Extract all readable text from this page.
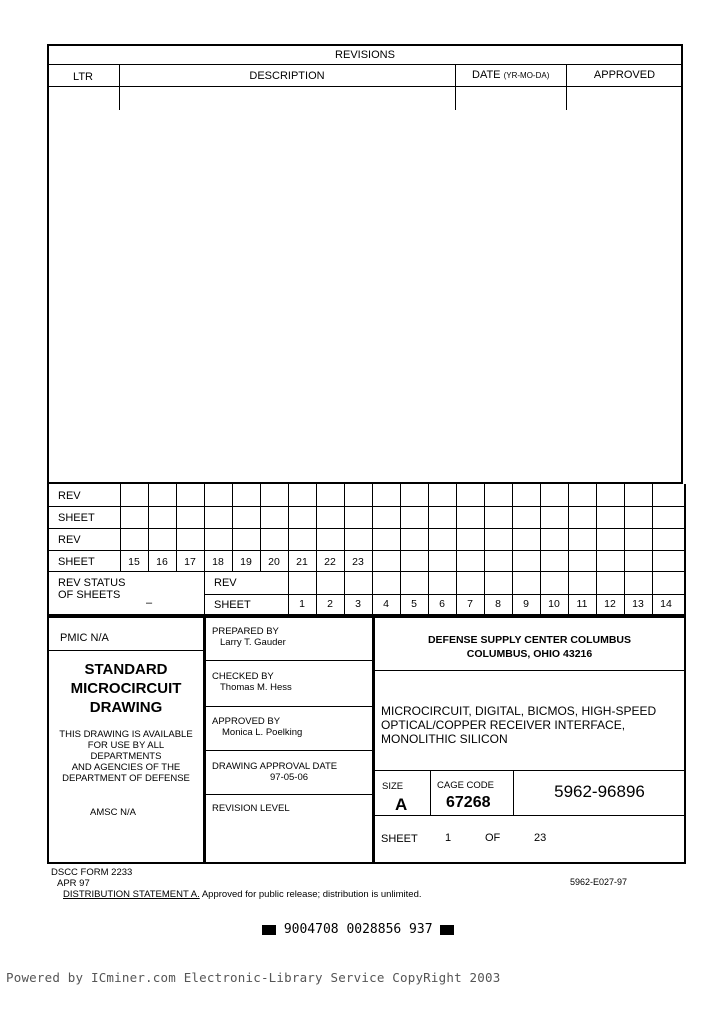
REVISIONS
LTR	DESCRIPTION	DATE (YR-MO-DA)	APPROVED
REV
SHEET
REV
SHEET	15	16	17	18	19	20	21	22	23
REV STATUS
OF SHEETS
–
REV
SHEET	1	2	3	4	5	6	7	8	9	10	11	12	13	14
PMIC N/A
STANDARD
MICROCIRCUIT
DRAWING
THIS DRAWING IS AVAILABLE
FOR USE BY ALL
DEPARTMENTS
AND AGENCIES OF THE
DEPARTMENT OF DEFENSE
AMSC N/A
PREPARED BY
Larry T. Gauder
CHECKED BY
Thomas M. Hess
APPROVED BY
Monica L. Poelking
DRAWING APPROVAL DATE
97-05-06
REVISION LEVEL
DEFENSE SUPPLY CENTER COLUMBUS
COLUMBUS, OHIO 43216
MICROCIRCUIT, DIGITAL, BICMOS, HIGH-SPEED
OPTICAL/COPPER RECEIVER INTERFACE,
MONOLITHIC SILICON
SIZE
A
CAGE CODE
67268
5962-96896
SHEET 1	OF	23
DSCC FORM 2233
APR 97
DISTRIBUTION STATEMENT A. Approved for public release; distribution is unlimited.
5962-E027-97
9004708 0028856 937
Powered by ICminer.com Electronic-Library Service CopyRight 2003
